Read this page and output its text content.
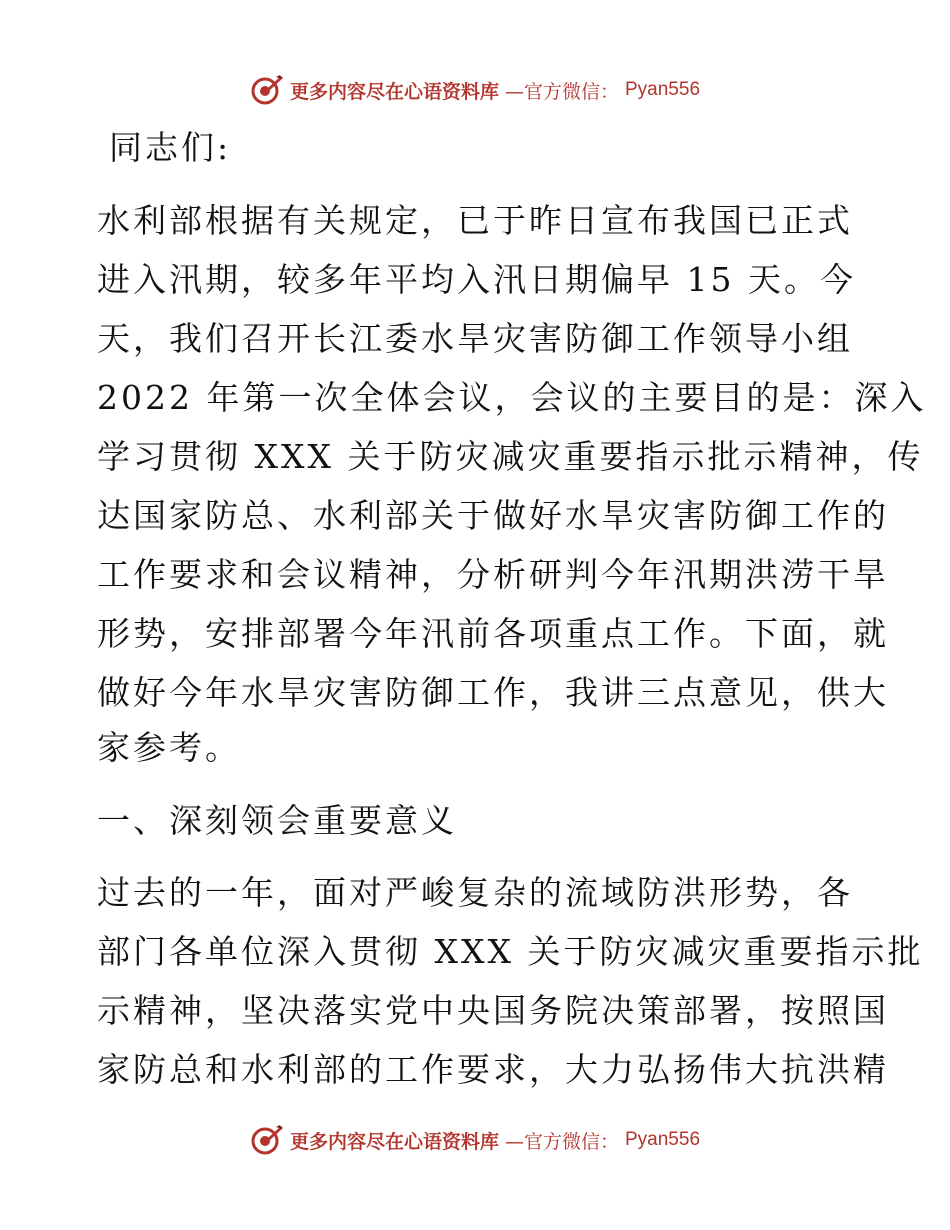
更多内容尽在心语资料库 —官方微信： Pyan556
同志们:
水利部根据有关规定，已于昨日宣布我国已正式
进入汛期，较多年平均入汛日期偏早 15 天。今
天，我们召开长江委水旱灾害防御工作领导小组
2022 年第一次全体会议，会议的主要目的是：深入
学习贯彻 XXX 关于防灾减灾重要指示批示精神，传
达国家防总、水利部关于做好水旱灾害防御工作的
工作要求和会议精神，分析研判今年汛期洪涝干旱
形势，安排部署今年汛前各项重点工作。下面，就
做好今年水旱灾害防御工作，我讲三点意见，供大
家参考。
一、深刻领会重要意义
过去的一年，面对严峻复杂的流域防洪形势，各
部门各单位深入贯彻 XXX 关于防灾减灾重要指示批
示精神，坚决落实党中央国务院决策部署，按照国
家防总和水利部的工作要求，大力弘扬伟大抗洪精
更多内容尽在心语资料库 —官方微信： Pyan556
